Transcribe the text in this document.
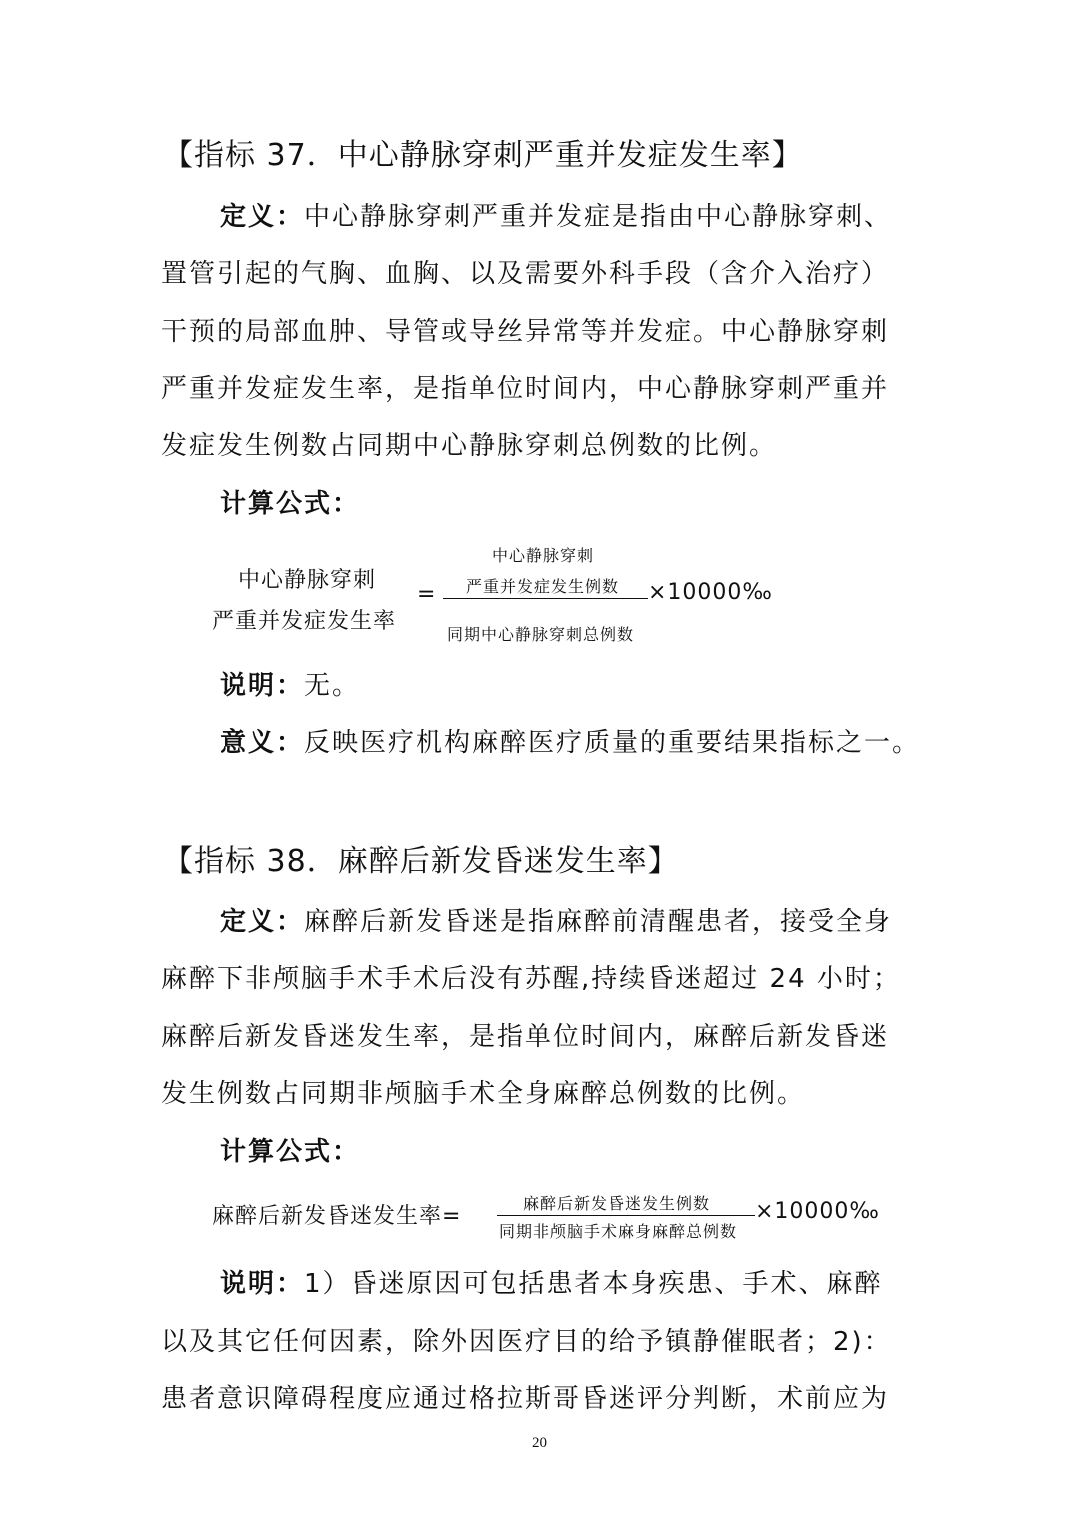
【指标 37．中心静脉穿刺严重并发症发生率】
定义：中心静脉穿刺严重并发症是指由中心静脉穿刺、
置管引起的气胸、血胸、以及需要外科手段（含介入治疗）
干预的局部血肿、导管或导丝异常等并发症。中心静脉穿刺
严重并发症发生率，是指单位时间内，中心静脉穿刺严重并
发症发生例数占同期中心静脉穿刺总例数的比例。
计算公式：
中心静脉穿刺
严重并发症发生率
=
中心静脉穿刺
严重并发症发生例数
同期中心静脉穿刺总例数
×10000‰
说明：无。
意义：反映医疗机构麻醉医疗质量的重要结果指标之一。
【指标 38．麻醉后新发昏迷发生率】
定义：麻醉后新发昏迷是指麻醉前清醒患者，接受全身
麻醉下非颅脑手术手术后没有苏醒,持续昏迷超过 24 小时；
麻醉后新发昏迷发生率，是指单位时间内，麻醉后新发昏迷
发生例数占同期非颅脑手术全身麻醉总例数的比例。
计算公式：
麻醉后新发昏迷发生率=
麻醉后新发昏迷发生例数
同期非颅脑手术麻身麻醉总例数
×10000‰
说明：1）昏迷原因可包括患者本身疾患、手术、麻醉
以及其它任何因素，除外因医疗目的给予镇静催眠者；2)：
患者意识障碍程度应通过格拉斯哥昏迷评分判断，术前应为
20
